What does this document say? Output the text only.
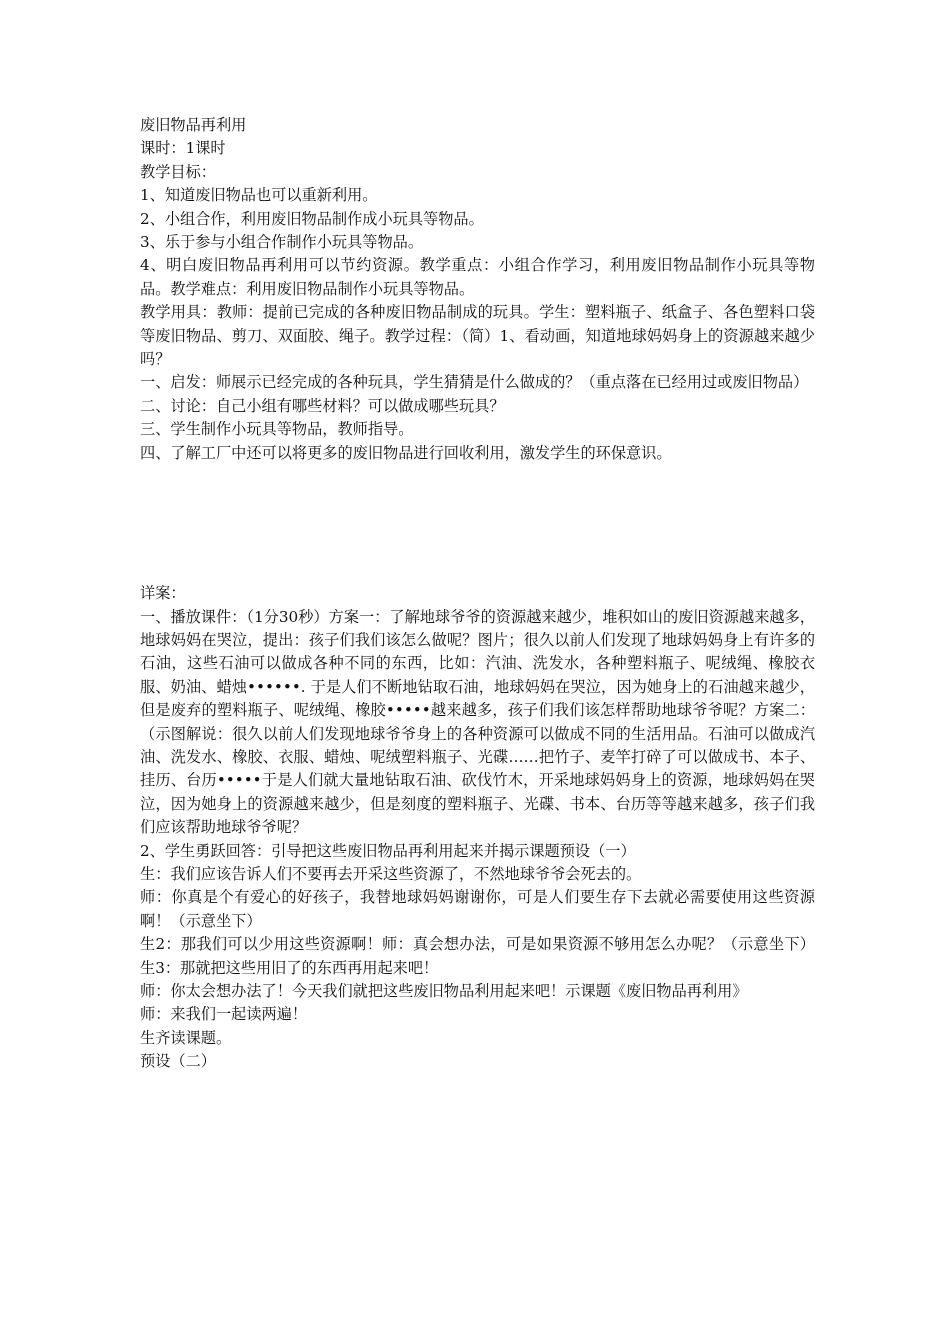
废旧物品再利用

课时：1课时

教学目标：

1、知道废旧物品也可以重新利用。

2、小组合作，利用废旧物品制作成小玩具等物品。

3、乐于参与小组合作制作小玩具等物品。

4、明白废旧物品再利用可以节约资源。教学重点：小组合作学习，利用废旧物品制作小玩具等物品。教学难点：利用废旧物品制作小玩具等物品。

教学用具：教师：提前已完成的各种废旧物品制成的玩具。学生：塑料瓶子、纸盒子、各色塑料口袋等废旧物品、剪刀、双面胶、绳子。教学过程：（简）1、看动画，知道地球妈妈身上的资源越来越少吗？

一、启发：师展示已经完成的各种玩具，学生猜猜是什么做成的？（重点落在已经用过或废旧物品）

二、讨论：自己小组有哪些材料？可以做成哪些玩具？

三、学生制作小玩具等物品，教师指导。

四、了解工厂中还可以将更多的废旧物品进行回收利用，激发学生的环保意识。

详案：

一、播放课件：（1分30秒）方案一：了解地球爷爷的资源越来越少，堆积如山的废旧资源越来越多，地球妈妈在哭泣，提出：孩子们我们该怎么做呢？图片；很久以前人们发现了地球妈妈身上有许多的石油，这些石油可以做成各种不同的东西，比如：汽油、洗发水，各种塑料瓶子、呢绒绳、橡胶衣服、奶油、蜡烛••••••. 于是人们不断地钻取石油，地球妈妈在哭泣，因为她身上的石油越来越少，但是废弃的塑料瓶子、呢绒绳、橡胶•••••越来越多，孩子们我们该怎样帮助地球爷爷呢？方案二：（示图解说：很久以前人们发现地球爷爷身上的各种资源可以做成不同的生活用品。石油可以做成汽油、洗发水、橡胶、衣服、蜡烛、呢绒塑料瓶子、光碟……把竹子、麦竿打碎了可以做成书、本子、挂历、台历•••••于是人们就大量地钻取石油、砍伐竹木，开采地球妈妈身上的资源，地球妈妈在哭泣，因为她身上的资源越来越少，但是刻度的塑料瓶子、光碟、书本、台历等等越来越多，孩子们我们应该帮助地球爷爷呢？

2、学生勇跃回答：引导把这些废旧物品再利用起来并揭示课题预设（一）

生：我们应该告诉人们不要再去开采这些资源了，不然地球爷爷会死去的。

师：你真是个有爱心的好孩子，我替地球妈妈谢谢你，可是人们要生存下去就必需要使用这些资源啊！（示意坐下）

生2：那我们可以少用这些资源啊！师：真会想办法，可是如果资源不够用怎么办呢？（示意坐下）生3：那就把这些用旧了的东西再用起来吧！

师：你太会想办法了！今天我们就把这些废旧物品利用起来吧！示课题《废旧物品再利用》

师：来我们一起读两遍！

生齐读课题。

预设（二）
